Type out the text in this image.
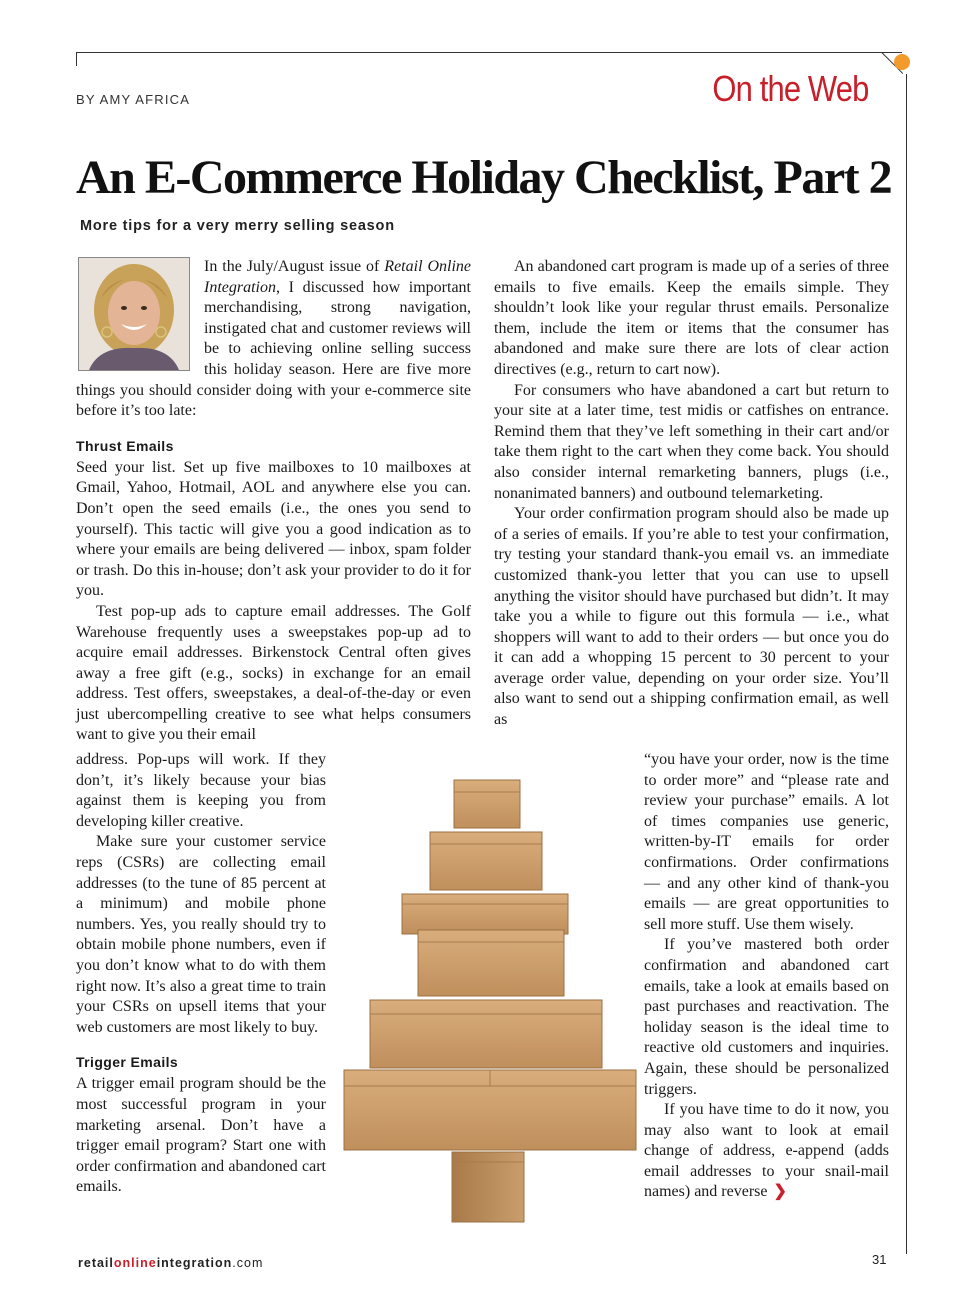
BY AMY AFRICA	On the Web
An E-Commerce Holiday Checklist, Part 2
More tips for a very merry selling season

In the July/August issue of Retail Online Integration, I discussed how important merchandising, strong navigation, instigated chat and customer reviews will be to achieving online selling success this holiday season. Here are five more things you should consider doing with your e-commerce site before it’s too late:

Thrust Emails

Seed your list. Set up five mailboxes to 10 mailboxes at Gmail, Yahoo, Hotmail, AOL and anywhere else you can. Don’t open the seed emails (i.e., the ones you send to yourself). This tactic will give you a good indication as to where your emails are being delivered — inbox, spam folder or trash. Do this in-house; don’t ask your provider to do it for you.

Test pop-up ads to capture email addresses. The Golf Warehouse frequently uses a sweepstakes pop-up ad to acquire email addresses. Birkenstock Central often gives away a free gift (e.g., socks) in exchange for an email address. Test offers, sweepstakes, a deal-of-the-day or even just ubercompelling creative to see what helps consumers want to give you their email

address. Pop-ups will work. If they don’t, it’s likely because your bias against them is keeping you from developing killer creative.

Make sure your customer service reps (CSRs) are collecting email addresses (to the tune of 85 percent at a minimum) and mobile phone numbers. Yes, you really should try to obtain mobile phone numbers, even if you don’t know what to do with them right now. It’s also a great time to train your CSRs on upsell items that your web customers are most likely to buy.

Trigger Emails

A trigger email program should be the most successful program in your marketing arsenal. Don’t have a trigger email program? Start one with order confirmation and abandoned cart emails.

An abandoned cart program is made up of a series of three emails to five emails. Keep the emails simple. They shouldn’t look like your regular thrust emails. Personalize them, include the item or items that the consumer has abandoned and make sure there are lots of clear action directives (e.g., return to cart now).

For consumers who have abandoned a cart but return to your site at a later time, test midis or catfishes on entrance. Remind them that they’ve left something in their cart and/or take them right to the cart when they come back. You should also consider internal remarketing banners, plugs (i.e., nonanimated banners) and outbound telemarketing.

Your order confirmation program should also be made up of a series of emails. If you’re able to test your confirmation, try testing your standard thank-you email vs. an immediate customized thank-you letter that you can use to upsell anything the visitor should have purchased but didn’t. It may take you a while to figure out this formula — i.e., what shoppers will want to add to their orders — but once you do it can add a whopping 15 percent to 30 percent to your average order value, depending on your order size. You’ll also want to send out a shipping confirmation email, as well as

“you have your order, now is the time to order more” and “please rate and review your purchase” emails. A lot of times companies use generic, written-by-IT emails for order confirmations. Order confirmations — and any other kind of thank-you emails — are great opportunities to sell more stuff. Use them wisely.

If you’ve mastered both order confirmation and abandoned cart emails, take a look at emails based on past purchases and reactivation. The holiday season is the ideal time to reactive old customers and inquiries. Again, these should be personalized triggers.

If you have time to do it now, you may also want to look at email change of address, e-append (adds email addresses to your snail-mail names) and reverse ❯

retailonlineintegration.com	31
